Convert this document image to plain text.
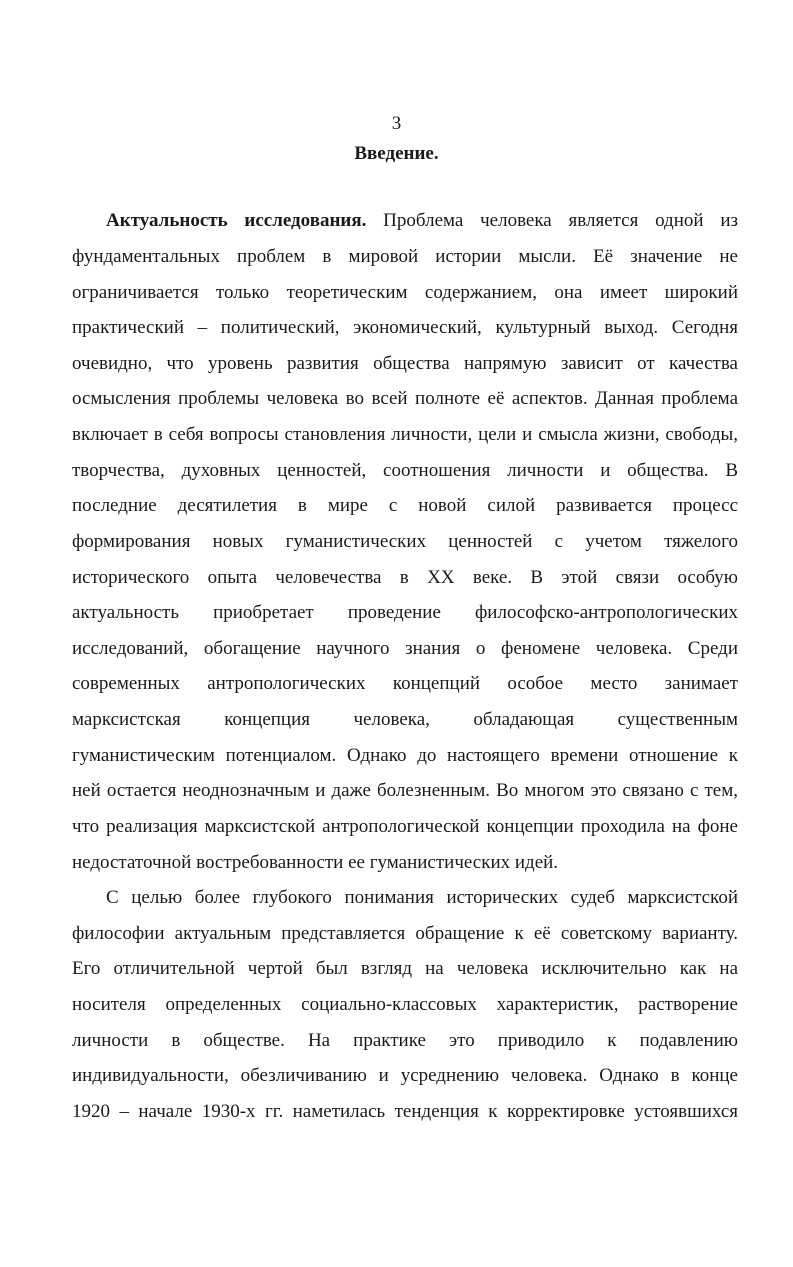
3
Введение.
Актуальность исследования. Проблема человека является одной из
фундаментальных проблем в мировой истории мысли. Её значение не
ограничивается только теоретическим содержанием, она имеет широкий
практический – политический, экономический, культурный выход. Сегодня
очевидно, что уровень развития общества напрямую зависит от качества
осмысления проблемы человека во всей полноте её аспектов. Данная проблема
включает в себя вопросы становления личности, цели и смысла жизни, свободы,
творчества, духовных ценностей, соотношения личности и общества. В
последние десятилетия в мире с новой силой развивается процесс
формирования новых гуманистических ценностей с учетом тяжелого
исторического опыта человечества в XX веке. В этой связи особую
актуальность приобретает проведение философско-антропологических
исследований, обогащение научного знания о феномене человека. Среди
современных антропологических концепций особое место занимает
марксистская концепция человека, обладающая существенным
гуманистическим потенциалом. Однако до настоящего времени отношение к
ней остается неоднозначным и даже болезненным. Во многом это связано с тем,
что реализация марксистской антропологической концепции проходила на фоне
недостаточной востребованности ее гуманистических идей.
С целью более глубокого понимания исторических судеб марксистской
философии актуальным представляется обращение к её советскому варианту.
Его отличительной чертой был взгляд на человека исключительно как на
носителя определенных социально-классовых характеристик, растворение
личности в обществе. На практике это приводило к подавлению
индивидуальности, обезличиванию и усреднению человека. Однако в конце
1920 – начале 1930-х гг. наметилась тенденция к корректировке устоявшихся
